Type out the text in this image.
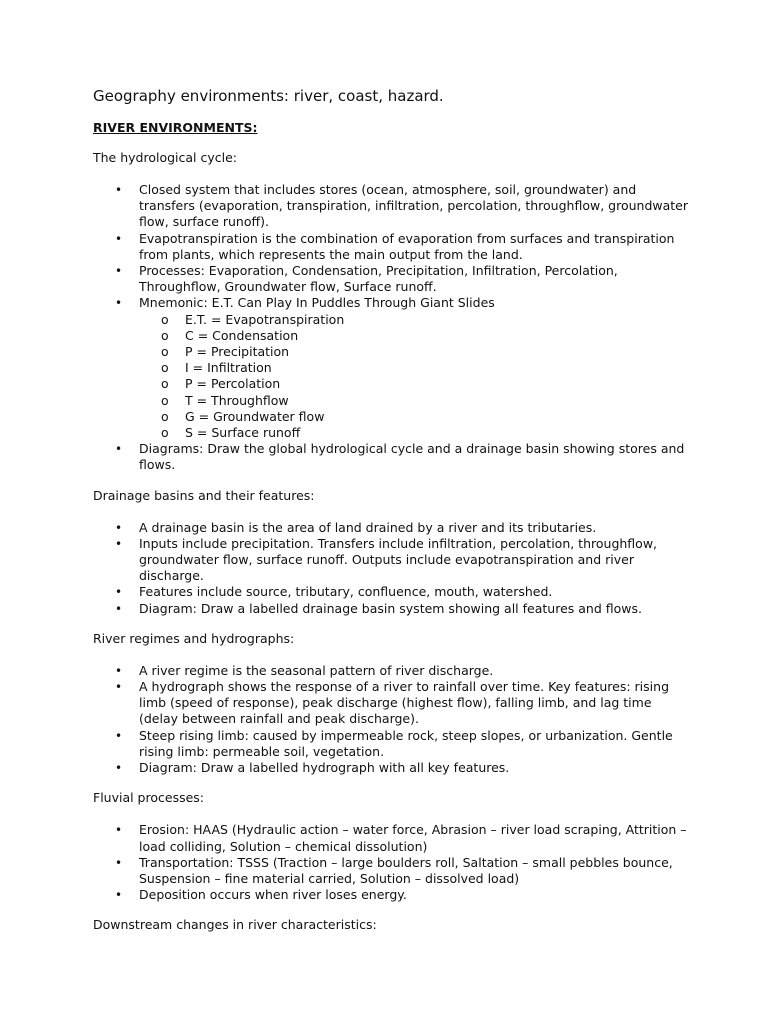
Geography environments: river, coast, hazard.

RIVER ENVIRONMENTS:

The hydrological cycle:

• Closed system that includes stores (ocean, atmosphere, soil, groundwater) and transfers (evaporation, transpiration, infiltration, percolation, throughflow, groundwater flow, surface runoff).
• Evapotranspiration is the combination of evaporation from surfaces and transpiration from plants, which represents the main output from the land.
• Processes: Evaporation, Condensation, Precipitation, Infiltration, Percolation, Throughflow, Groundwater flow, Surface runoff.
• Mnemonic: E.T. Can Play In Puddles Through Giant Slides
o E.T. = Evapotranspiration
o C = Condensation
o P = Precipitation
o I = Infiltration
o P = Percolation
o T = Throughflow
o G = Groundwater flow
o S = Surface runoff
• Diagrams: Draw the global hydrological cycle and a drainage basin showing stores and flows.

Drainage basins and their features:

• A drainage basin is the area of land drained by a river and its tributaries.
• Inputs include precipitation. Transfers include infiltration, percolation, throughflow, groundwater flow, surface runoff. Outputs include evapotranspiration and river discharge.
• Features include source, tributary, confluence, mouth, watershed.
• Diagram: Draw a labelled drainage basin system showing all features and flows.

River regimes and hydrographs:

• A river regime is the seasonal pattern of river discharge.
• A hydrograph shows the response of a river to rainfall over time. Key features: rising limb (speed of response), peak discharge (highest flow), falling limb, and lag time (delay between rainfall and peak discharge).
• Steep rising limb: caused by impermeable rock, steep slopes, or urbanization. Gentle rising limb: permeable soil, vegetation.
• Diagram: Draw a labelled hydrograph with all key features.

Fluvial processes:

• Erosion: HAAS (Hydraulic action – water force, Abrasion – river load scraping, Attrition – load colliding, Solution – chemical dissolution)
• Transportation: TSSS (Traction – large boulders roll, Saltation – small pebbles bounce, Suspension – fine material carried, Solution – dissolved load)
• Deposition occurs when river loses energy.

Downstream changes in river characteristics:
